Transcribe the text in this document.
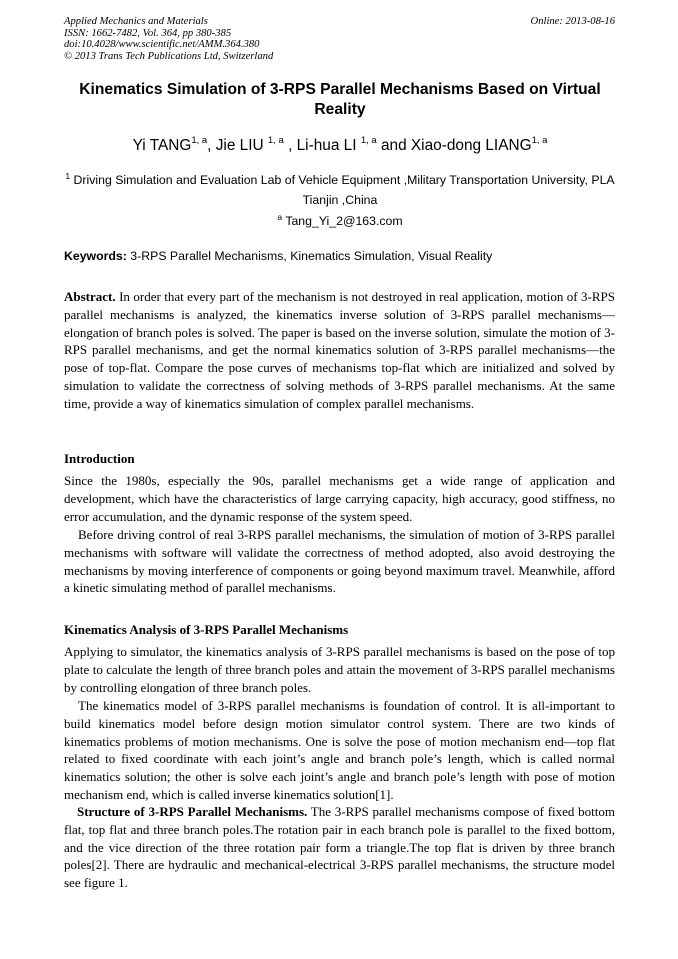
Applied Mechanics and Materials
ISSN: 1662-7482, Vol. 364, pp 380-385
doi:10.4028/www.scientific.net/AMM.364.380
© 2013 Trans Tech Publications Ltd, Switzerland
Online: 2013-08-16
Kinematics Simulation of 3-RPS Parallel Mechanisms Based on Virtual Reality
Yi TANG$^{1, a}$, Jie LIU $^{1, a}$ , Li-hua LI $^{1, a}$ and Xiao-dong LIANG$^{1, a}$
$^1$ Driving Simulation and Evaluation Lab of Vehicle Equipment ,Military Transportation University, PLA Tianjin ,China
$^a$ Tang_Yi_2@163.com
Keywords: 3-RPS Parallel Mechanisms, Kinematics Simulation, Visual Reality

Abstract. In order that every part of the mechanism is not destroyed in real application, motion of 3-RPS parallel mechanisms is analyzed, the kinematics inverse solution of 3-RPS parallel mechanisms—elongation of branch poles is solved. The paper is based on the inverse solution, simulate the motion of 3-RPS parallel mechanisms, and get the normal kinematics solution of 3-RPS parallel mechanisms—the pose of top-flat. Compare the pose curves of mechanisms top-flat which are initialized and solved by simulation to validate the correctness of solving methods of 3-RPS parallel mechanisms. At the same time, provide a way of kinematics simulation of complex parallel mechanisms.

Introduction

Since the 1980s, especially the 90s, parallel mechanisms get a wide range of application and development, which have the characteristics of large carrying capacity, high accuracy, good stiffness, no error accumulation, and the dynamic response of the system speed.

Before driving control of real 3-RPS parallel mechanisms, the simulation of motion of 3-RPS parallel mechanisms with software will validate the correctness of method adopted, also avoid destroying the mechanisms by moving interference of components or going beyond maximum travel. Meanwhile, afford a kinetic simulating method of parallel mechanisms.

Kinematics Analysis of 3-RPS Parallel Mechanisms

Applying to simulator, the kinematics analysis of 3-RPS parallel mechanisms is based on the pose of top plate to calculate the length of three branch poles and attain the movement of 3-RPS parallel mechanisms by controlling elongation of three branch poles.

The kinematics model of 3-RPS parallel mechanisms is foundation of control. It is all-important to build kinematics model before design motion simulator control system. There are two kinds of kinematics problems of motion mechanisms. One is solve the pose of motion mechanism end—top flat related to fixed coordinate with each joint’s angle and branch pole’s length, which is called normal kinematics solution; the other is solve each joint’s angle and branch pole’s length with pose of motion mechanism end, which is called inverse kinematics solution[1].

Structure of 3-RPS Parallel Mechanisms. The 3-RPS parallel mechanisms compose of fixed bottom flat, top flat and three branch poles.The rotation pair in each branch pole is parallel to the fixed bottom, and the vice direction of the three rotation pair form a triangle.The top flat is driven by three branch poles[2]. There are hydraulic and mechanical-electrical 3-RPS parallel mechanisms, the structure model see figure 1.
